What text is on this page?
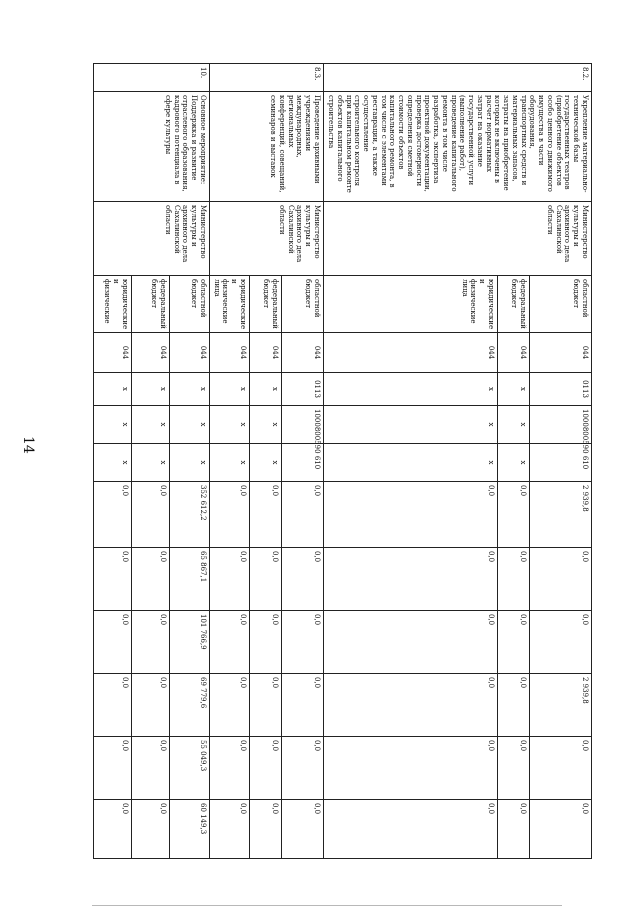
14
8.2.	Укрепление материально-технической базы государственных театров (приобретение объектов особо ценного движимого имущества в части оборудования, транспортных средств и материальных запасов, затраты на приобретение которых не включены в расчет нормативных затрат на оказание государственной услуги (выполнение работ), проведение капитального ремонта в том числе разработка, экспертиза проектной документации, проверка достоверности определения сметной стоимости объектов капитального ремонта, в том числе с элементами реставрации, а также осуществление строительного контроля при капитальном ремонте объектов капитального строительства	Министерство культуры и архивного дела Сахалинской области	областной бюджет	044	0113	1000800590	610	2 939,8	0,0	0,0	2 939,8	0,0	0,0
			федеральный бюджет	044	x	x	x	0,0	0,0	0,0	0,0	0,0	0,0
			юридические и физические лица	044	x	x	x	0,0	0,0	0,0	0,0	0,0	0,0
8.3.	Проведение архивными учреждениями международных, региональных конференций, совещаний, семинаров и выставок	Министерство культуры и архивного дела Сахалинской области	областной бюджет	044	0113	1000800590	610	0,0	0,0	0,0	0,0	0,0	0,0
			федеральный бюджет	044	x	x	x	0,0	0,0	0,0	0,0	0,0	0,0
			юридические и физические лица	044	x	x	x	0,0	0,0	0,0	0,0	0,0	0,0
10.	Основное мероприятие: Поддержка и развитие отраслевого образования, кадрового потенциала в сфере культуры	Министерство культуры и архивного дела Сахалинской области	областной бюджет	044	x	x	x	352 612,2	65 867,1	101 766,9	69 779,6	55 049,3	60 149,3
			федеральный бюджет	044	x	x	x	0,0	0,0	0,0	0,0	0,0	0,0
			юридические и физические	044	x	x	x	0,0	0,0	0,0	0,0	0,0	0,0
